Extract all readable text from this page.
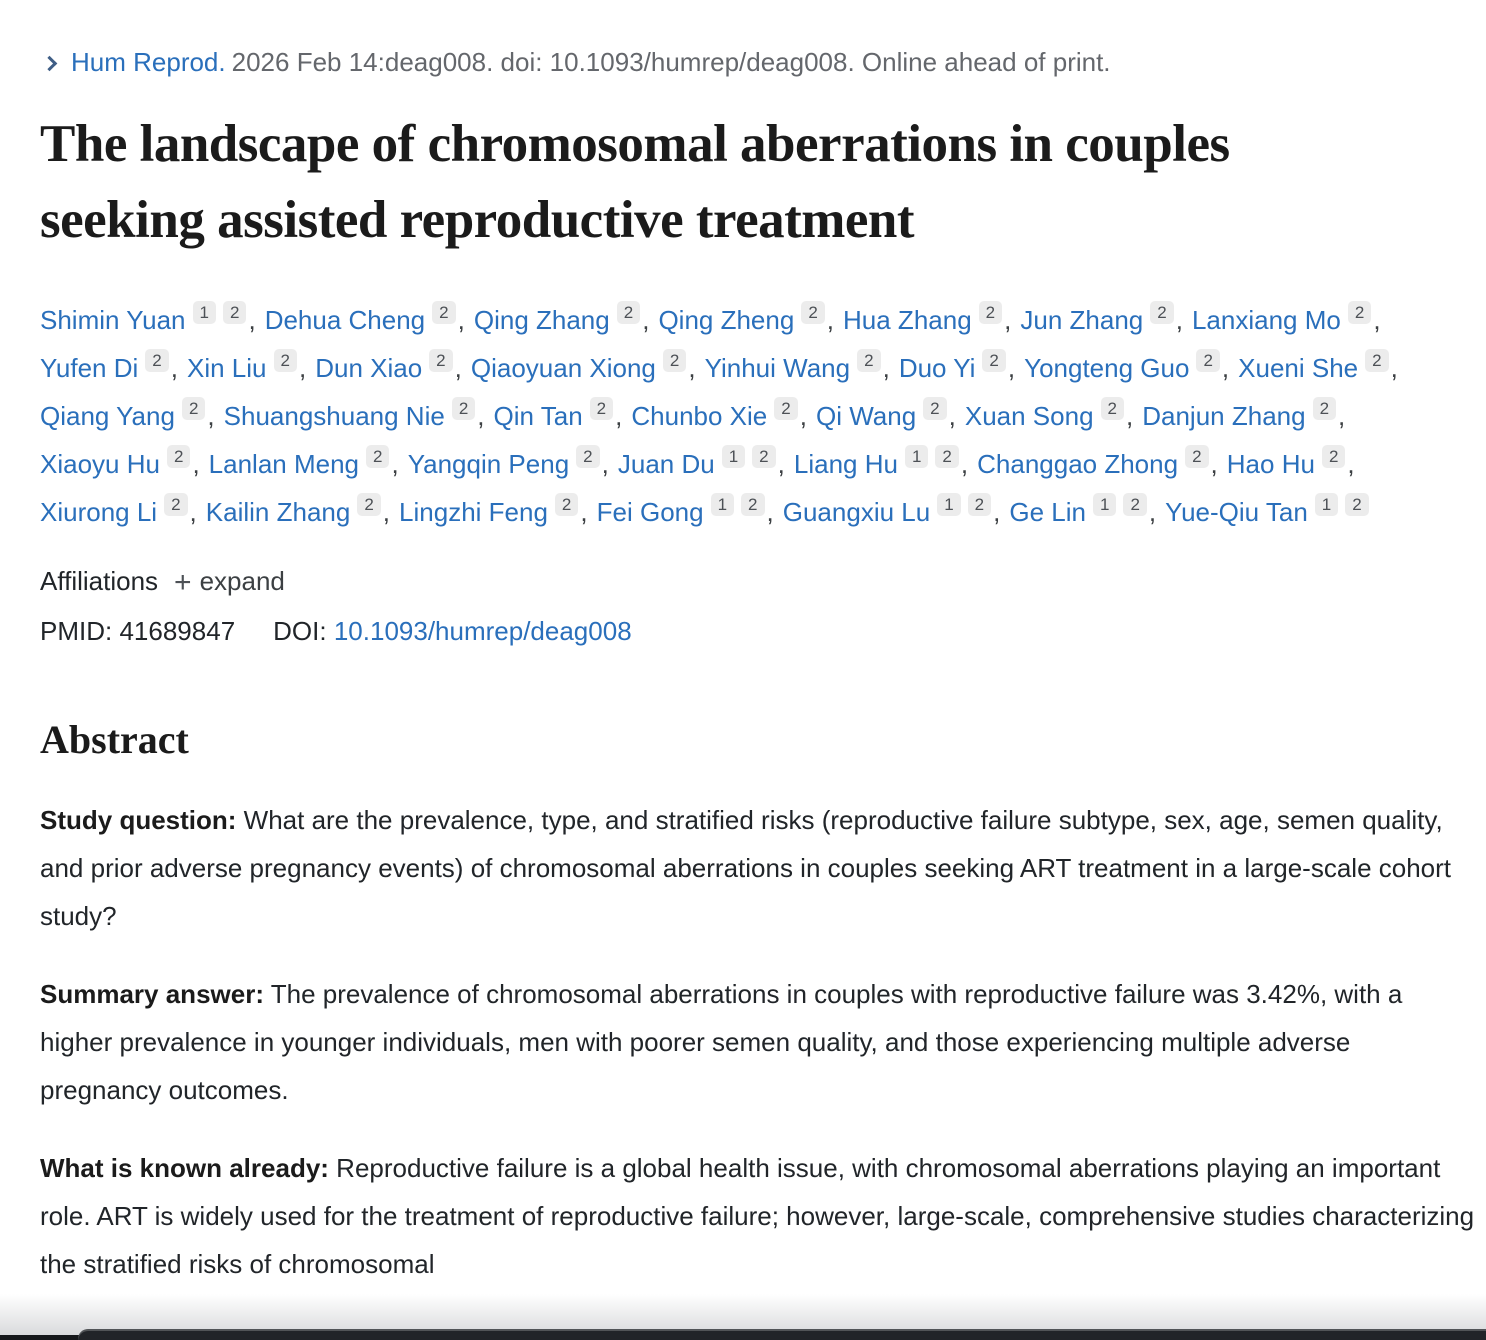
Hum Reprod. 2026 Feb 14:deag008. doi: 10.1093/humrep/deag008. Online ahead of print.
The landscape of chromosomal aberrations in couples seeking assisted reproductive treatment
Shimin Yuan 1 2 , Dehua Cheng 2 , Qing Zhang 2 , Qing Zheng 2 , Hua Zhang 2 , Jun Zhang 2 , Lanxiang Mo 2 ,Yufen Di 2 , Xin Liu 2 , Dun Xiao 2 , Qiaoyuan Xiong 2 , Yinhui Wang 2 , Duo Yi 2 , Yongteng Guo 2 , Xueni She 2 ,Qiang Yang 2 , Shuangshuang Nie 2 , Qin Tan 2 , Chunbo Xie 2 , Qi Wang 2 , Xuan Song 2 , Danjun Zhang 2 ,Xiaoyu Hu 2 , Lanlan Meng 2 , Yangqin Peng 2 , Juan Du 1 2 , Liang Hu 1 2 , Changgao Zhong 2 , Hao Hu 2 ,Xiurong Li 2 , Kailin Zhang 2 , Lingzhi Feng 2 , Fei Gong 1 2 , Guangxiu Lu 1 2 , Ge Lin 1 2 , Yue-Qiu Tan 1 2
Affiliations + expand
PMID: 41689847 DOI: 10.1093/humrep/deag008
Abstract

Study question: What are the prevalence, type, and stratified risks (reproductive failure subtype, sex, age, semen quality, and prior adverse pregnancy events) of chromosomal aberrations in couples seeking ART treatment in a large-scale cohort study?

Summary answer: The prevalence of chromosomal aberrations in couples with reproductive failure was 3.42%, with a higher prevalence in younger individuals, men with poorer semen quality, and those experiencing multiple adverse pregnancy outcomes.

What is known already: Reproductive failure is a global health issue, with chromosomal aberrations playing an important role. ART is widely used for the treatment of reproductive failure; however, large-scale, comprehensive studies characterizing the stratified risks of chromosomal
